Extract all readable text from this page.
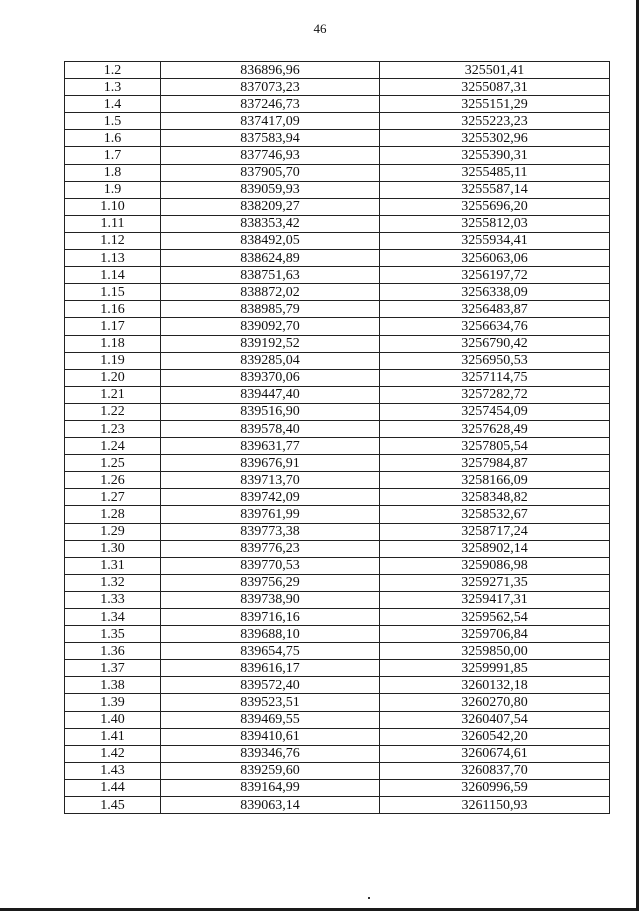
46
1.2	836896,96	325501,41
1.3	837073,23	3255087,31
1.4	837246,73	3255151,29
1.5	837417,09	3255223,23
1.6	837583,94	3255302,96
1.7	837746,93	3255390,31
1.8	837905,70	3255485,11
1.9	839059,93	3255587,14
1.10	838209,27	3255696,20
1.11	838353,42	3255812,03
1.12	838492,05	3255934,41
1.13	838624,89	3256063,06
1.14	838751,63	3256197,72
1.15	838872,02	3256338,09
1.16	838985,79	3256483,87
1.17	839092,70	3256634,76
1.18	839192,52	3256790,42
1.19	839285,04	3256950,53
1.20	839370,06	3257114,75
1.21	839447,40	3257282,72
1.22	839516,90	3257454,09
1.23	839578,40	3257628,49
1.24	839631,77	3257805,54
1.25	839676,91	3257984,87
1.26	839713,70	3258166,09
1.27	839742,09	3258348,82
1.28	839761,99	3258532,67
1.29	839773,38	3258717,24
1.30	839776,23	3258902,14
1.31	839770,53	3259086,98
1.32	839756,29	3259271,35
1.33	839738,90	3259417,31
1.34	839716,16	3259562,54
1.35	839688,10	3259706,84
1.36	839654,75	3259850,00
1.37	839616,17	3259991,85
1.38	839572,40	3260132,18
1.39	839523,51	3260270,80
1.40	839469,55	3260407,54
1.41	839410,61	3260542,20
1.42	839346,76	3260674,61
1.43	839259,60	3260837,70
1.44	839164,99	3260996,59
1.45	839063,14	3261150,93
